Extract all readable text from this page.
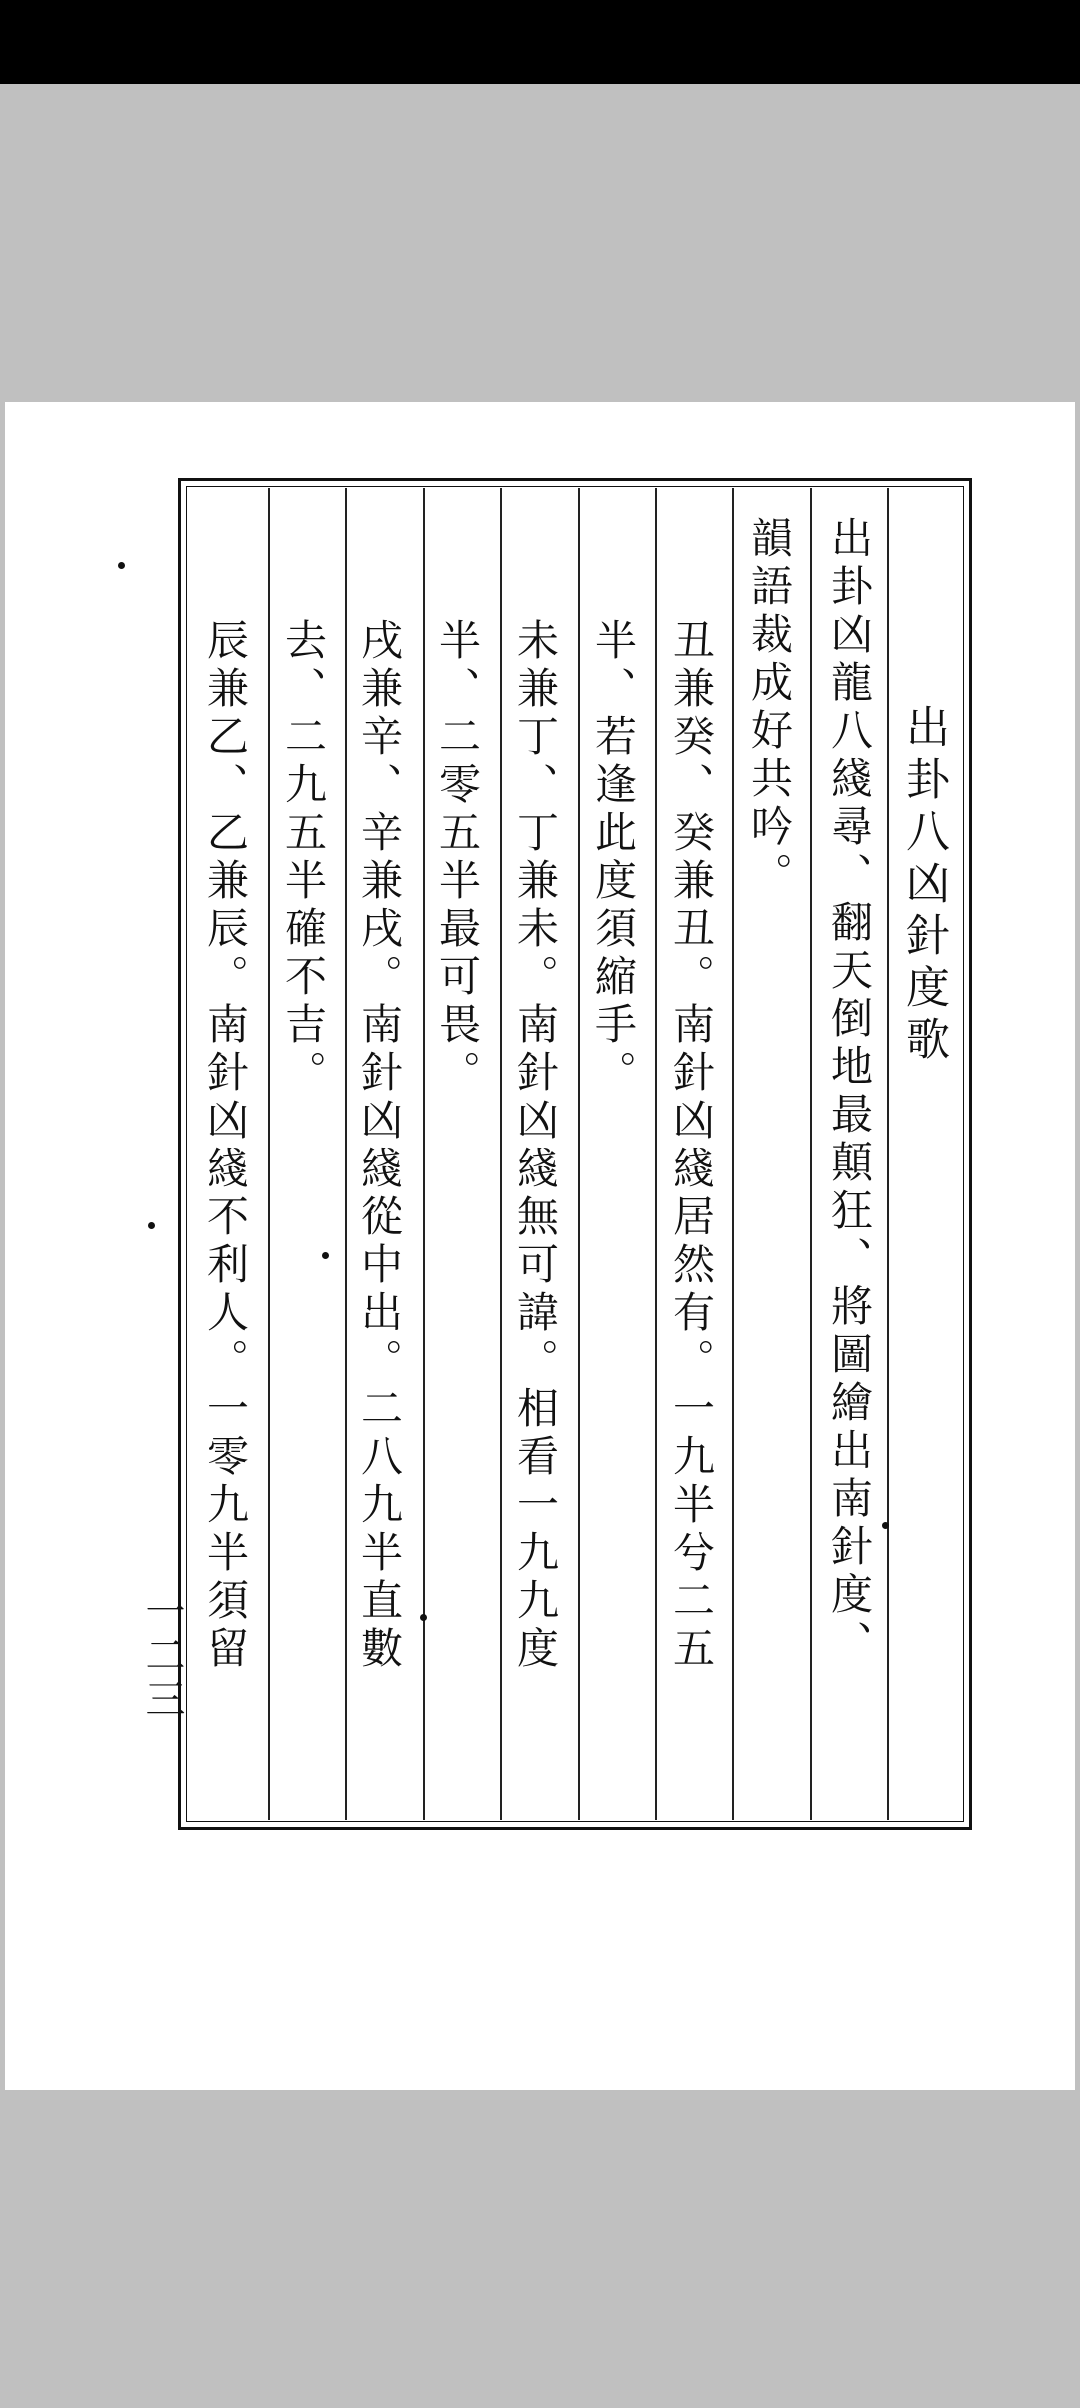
出卦八凶針度歌
出卦凶龍八綫尋、翻天倒地最顛狂、將圖繪出南針度、
韻語裁成好共吟。
丑兼癸、癸兼丑。南針凶綫居然有。一九半兮二五
半、若逢此度須縮手。
未兼丁、丁兼未。南針凶綫無可諱。相看一九九度
半、二零五半最可畏。
戌兼辛、辛兼戌。南針凶綫從中出。二八九半直數
去、二九五半確不吉。
辰兼乙、乙兼辰。南針凶綫不利人。一零九半須留
一二三
